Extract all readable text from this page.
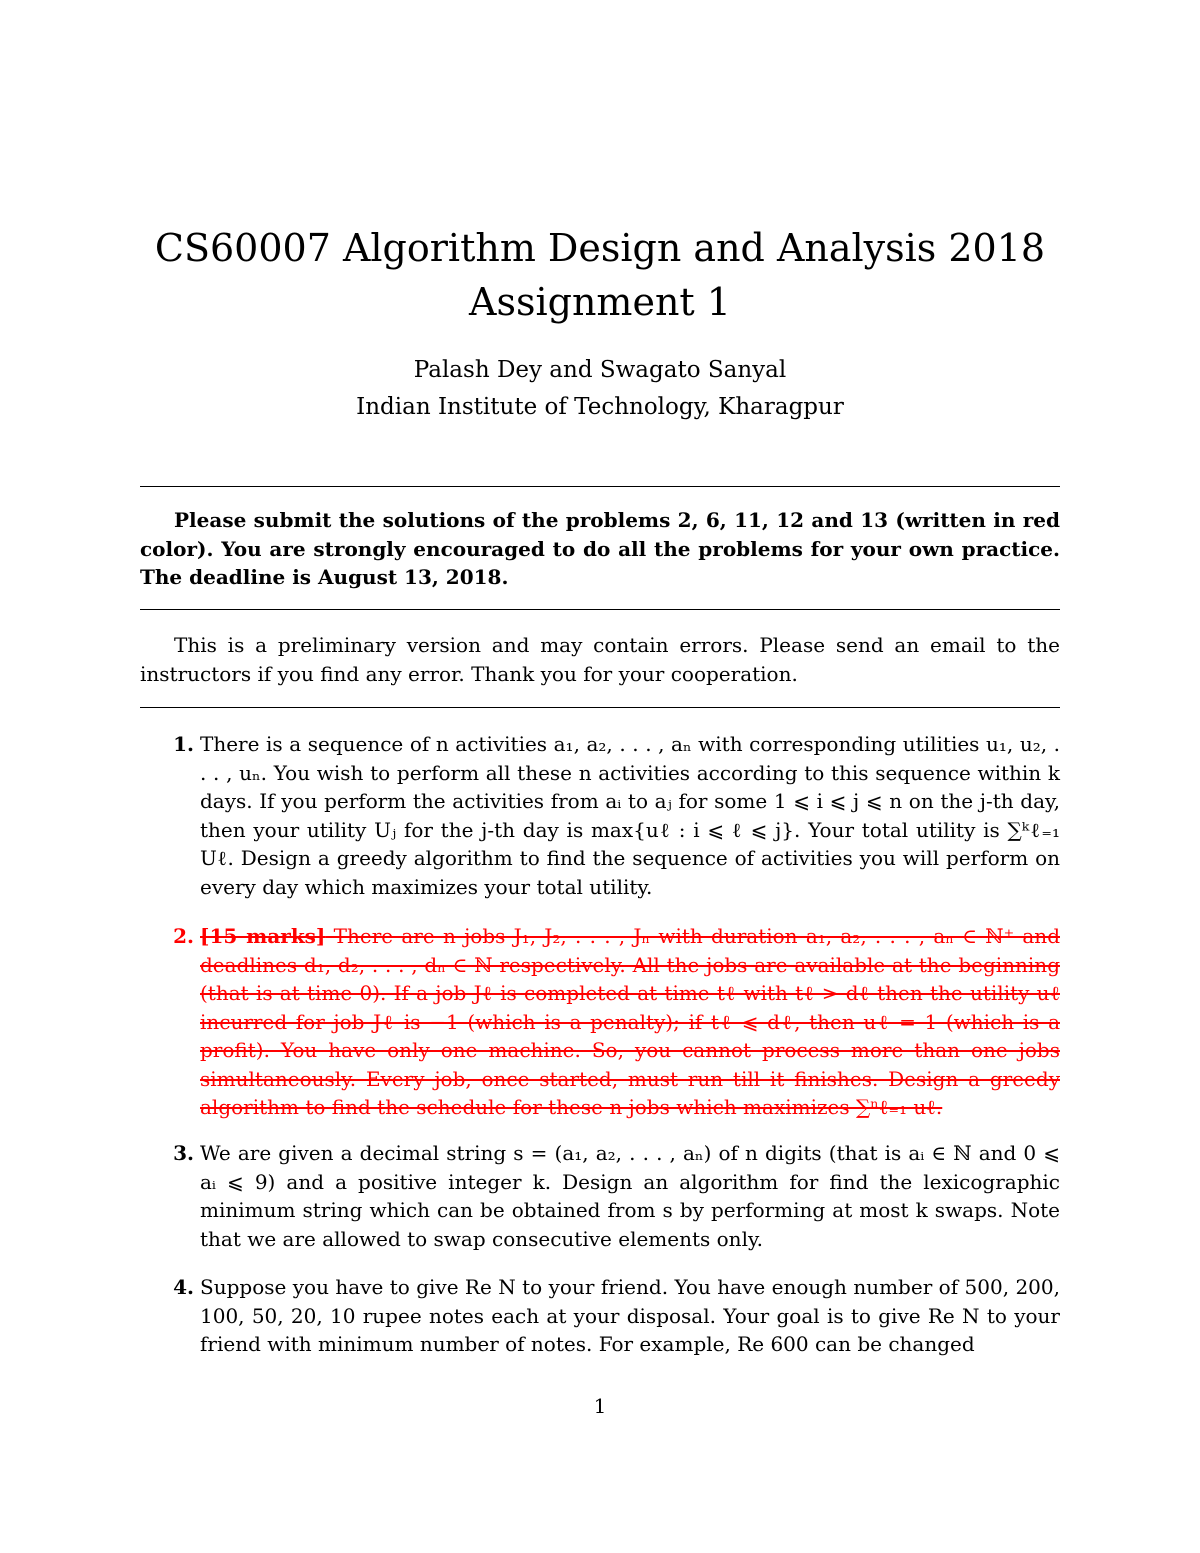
CS60007 Algorithm Design and Analysis 2018
Assignment 1
Palash Dey and Swagato Sanyal
Indian Institute of Technology, Kharagpur
Please submit the solutions of the problems 2, 6, 11, 12 and 13 (written in red color). You are strongly encouraged to do all the problems for your own practice. The deadline is August 13, 2018.
This is a preliminary version and may contain errors. Please send an email to the instructors if you find any error. Thank you for your cooperation.
1. There is a sequence of n activities a₁, a₂, . . . , aₙ with corresponding utilities u₁, u₂, . . . , uₙ. You wish to perform all these n activities according to this sequence within k days. If you perform the activities from aᵢ to aⱼ for some 1 ⩽ i ⩽ j ⩽ n on the j-th day, then your utility Uⱼ for the j-th day is max{uℓ : i ⩽ ℓ ⩽ j}. Your total utility is ∑ᵏℓ₌₁ Uℓ. Design a greedy algorithm to find the sequence of activities you will perform on every day which maximizes your total utility.
2. [15 marks] There are n jobs J₁, J₂, . . . , Jₙ with duration a₁, a₂, . . . , aₙ ∈ ℕ⁺ and deadlines d₁, d₂, . . . , dₙ ∈ ℕ respectively. All the jobs are available at the beginning (that is at time 0). If a job Jℓ is completed at time tℓ with tℓ > dℓ then the utility uℓ incurred for job Jℓ is −1 (which is a penalty); if tℓ ⩽ dℓ, then uℓ = 1 (which is a profit). You have only one machine. So, you cannot process more than one jobs simultaneously. Every job, once started, must run till it finishes. Design a greedy algorithm to find the schedule for these n jobs which maximizes ∑ⁿℓ₌₁ uℓ.
3. We are given a decimal string s = (a₁, a₂, . . . , aₙ) of n digits (that is aᵢ ∈ ℕ and 0 ⩽ aᵢ ⩽ 9) and a positive integer k. Design an algorithm for find the lexicographic minimum string which can be obtained from s by performing at most k swaps. Note that we are allowed to swap consecutive elements only.
4. Suppose you have to give Re N to your friend. You have enough number of 500, 200, 100, 50, 20, 10 rupee notes each at your disposal. Your goal is to give Re N to your friend with minimum number of notes. For example, Re 600 can be changed
1
